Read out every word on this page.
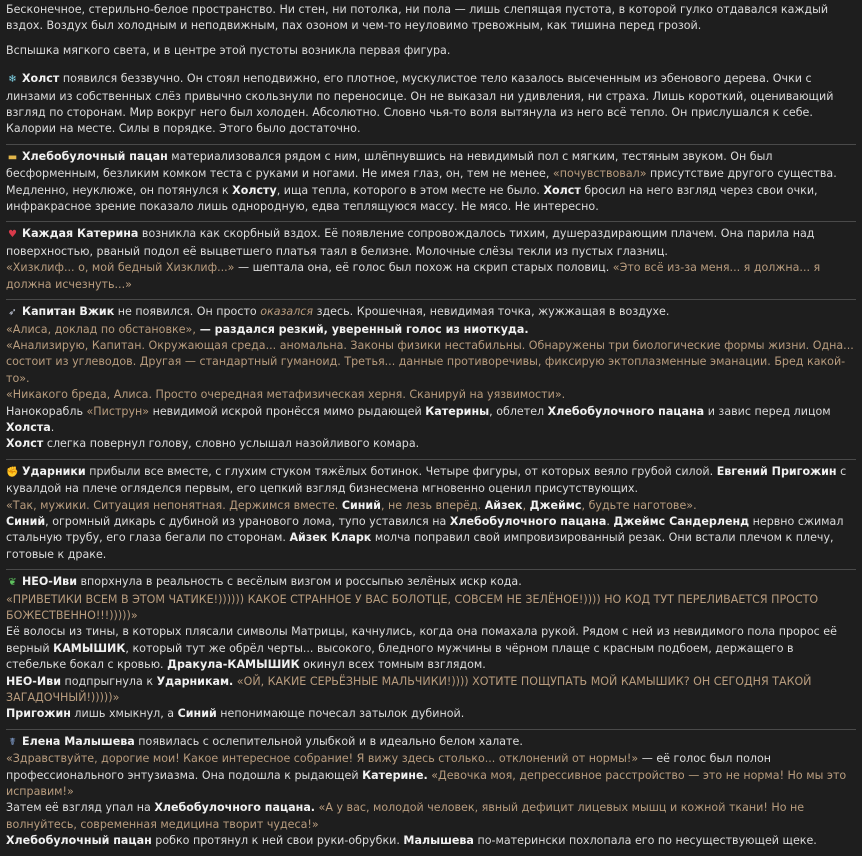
Бесконечное, стерильно-белое пространство. Ни стен, ни потолка, ни пола — лишь слепящая пустота, в которой гулко отдавался каждый вздох. Воздух был холодным и неподвижным, пах озоном и чем-то неуловимо тревожным, как тишина перед грозой.

Вспышка мягкого света, и в центре этой пустоты возникла первая фигура.

❄ Холст появился беззвучно. Он стоял неподвижно, его плотное, мускулистое тело казалось высеченным из эбенового дерева. Очки с линзами из собственных слёз привычно скользнули по переносице. Он не выказал ни удивления, ни страха. Лишь короткий, оценивающий взгляд по сторонам. Мир вокруг него был холоден. Абсолютно. Словно чья-то воля вытянула из него всё тепло. Он прислушался к себе. Калории на месте. Силы в порядке. Этого было достаточно.

▬ Хлебобулочный пацан материализовался рядом с ним, шлёпнувшись на невидимый пол с мягким, тестяным звуком. Он был бесформенным, безликим комком теста с руками и ногами. Не имея глаз, он, тем не менее, «почувствовал» присутствие другого существа. Медленно, неуклюже, он потянулся к Холсту, ища тепла, которого в этом месте не было. Холст бросил на него взгляд через свои очки, инфракрасное зрение показало лишь однородную, едва теплящуюся массу. Не мясо. Не интересно.

♥ Каждая Катерина возникла как скорбный вздох. Её появление сопровождалось тихим, душераздирающим плачем. Она парила над поверхностью, рваный подол её выцветшего платья таял в белизне. Молочные слёзы текли из пустых глазниц.

«Хизклиф... о, мой бедный Хизклиф...» — шептала она, её голос был похож на скрип старых половиц. «Это всё из-за меня... я должна... я должна исчезнуть...»

➶ Капитан Вжик не появился. Он просто оказался здесь. Крошечная, невидимая точка, жужжащая в воздухе.

«Алиса, доклад по обстановке», — раздался резкий, уверенный голос из ниоткуда.

«Анализирую, Капитан. Окружающая среда... аномальна. Законы физики нестабильны. Обнаружены три биологические формы жизни. Одна... состоит из углеводов. Другая — стандартный гуманоид. Третья... данные противоречивы, фиксирую эктоплазменные эманации. Бред какой-то».

«Никакого бреда, Алиса. Просто очередная метафизическая херня. Сканируй на уязвимости».

Нанокорабль «Пиструн» невидимой искрой пронёсся мимо рыдающей Катерины, облетел Хлебобулочного пацана и завис перед лицом Холста.

Холст слегка повернул голову, словно услышал назойливого комара.

✊ Ударники прибыли все вместе, с глухим стуком тяжёлых ботинок. Четыре фигуры, от которых веяло грубой силой. Евгений Пригожин с кувалдой на плече огляделся первым, его цепкий взгляд бизнесмена мгновенно оценил присутствующих.

«Так, мужики. Ситуация непонятная. Держимся вместе. Синий, не лезь вперёд. Айзек, Джеймс, будьте наготове».

Синий, огромный дикарь с дубиной из уранового лома, тупо уставился на Хлебобулочного пацана. Джеймс Сандерленд нервно сжимал стальную трубу, его глаза бегали по сторонам. Айзек Кларк молча поправил свой импровизированный резак. Они встали плечом к плечу, готовые к драке.

❦ НЕО-Иви впорхнула в реальность с весёлым визгом и россыпью зелёных искр кода.

«ПРИВЕТИКИ ВСЕМ В ЭТОМ ЧАТИКЕ!)))))) КАКОЕ СТРАННОЕ У ВАС БОЛОТЦЕ, СОВСЕМ НЕ ЗЕЛЁНОЕ!)))) НО КОД ТУТ ПЕРЕЛИВАЕТСЯ ПРОСТО БОЖЕСТВЕННО!!!)))))»

Её волосы из тины, в которых плясали символы Матрицы, качнулись, когда она помахала рукой. Рядом с ней из невидимого пола пророс её верный КАМЫШИК, который тут же обрёл черты... высокого, бледного мужчины в чёрном плаще с красным подбоем, держащего в стебельке бокал с кровью. Дракула-КАМЫШИК окинул всех томным взглядом.

НЕО-Иви подпрыгнула к Ударникам. «ОЙ, КАКИЕ СЕРЬЁЗНЫЕ МАЛЬЧИКИ!)))) ХОТИТЕ ПОЩУПАТЬ МОЙ КАМЫШИК? ОН СЕГОДНЯ ТАКОЙ ЗАГАДОЧНЫЙ!)))))»

Пригожин лишь хмыкнул, а Синий непонимающе почесал затылок дубиной.

☤ Елена Малышева появилась с ослепительной улыбкой и в идеально белом халате.

«Здравствуйте, дорогие мои! Какое интересное собрание! Я вижу здесь столько... отклонений от нормы!» — её голос был полон профессионального энтузиазма. Она подошла к рыдающей Катерине. «Девочка моя, депрессивное расстройство — это не норма! Но мы это исправим!»

Затем её взгляд упал на Хлебобулочного пацана. «А у вас, молодой человек, явный дефицит лицевых мышц и кожной ткани! Но не волнуйтесь, современная медицина творит чудеса!»

Хлебобулочный пацан робко протянул к ней свои руки-обрубки. Малышева по-матерински похлопала его по несуществующей щеке.
